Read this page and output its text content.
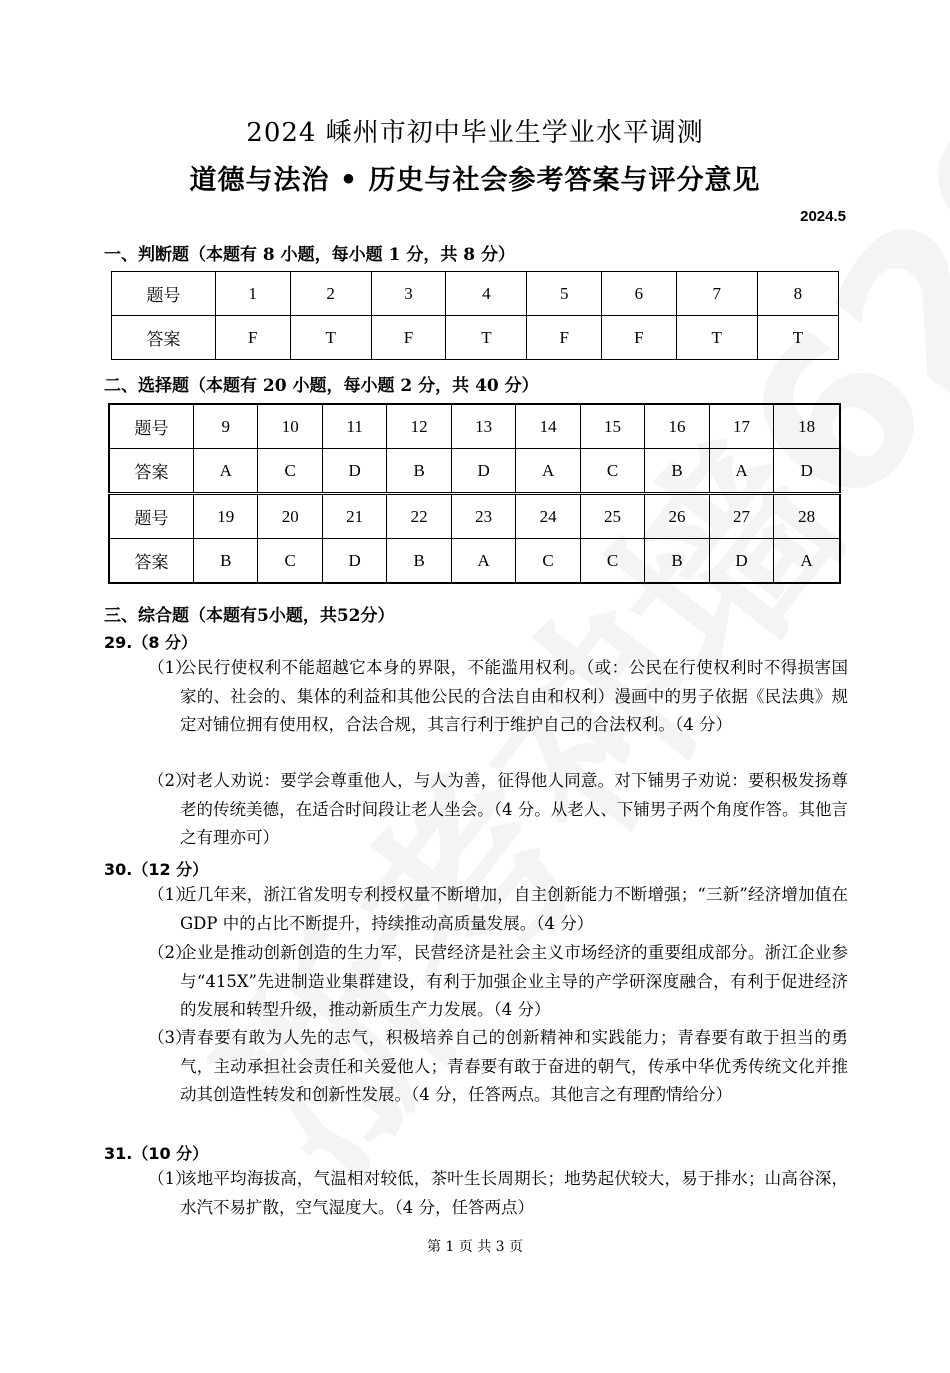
2024 嵊州市初中毕业生学业水平调测
道德与法治 • 历史与社会参考答案与评分意见
2024.5
一、判断题（本题有 8 小题，每小题 1 分，共 8 分）
题号	1	2	3	4	5	6	7	8
答案	F	T	F	T	F	F	T	T
二、选择题（本题有 20 小题，每小题 2 分，共 40 分）
题号	9	10	11	12	13	14	15	16	17	18
答案	A	C	D	B	D	A	C	B	A	D
题号	19	20	21	22	23	24	25	26	27	28
答案	B	C	D	B	A	C	C	B	D	A
三、综合题（本题有5小题，共52分）
29.（8 分）
（1）
公民行使权利不能超越它本身的界限，不能滥用权利。（或：公民在行使权利时不得损害国家的、社会的、集体的利益和其他公民的合法自由和权利）漫画中的男子依据《民法典》规定对铺位拥有使用权，合法合规，其言行利于维护自己的合法权利。（4 分）
（2）
对老人劝说：要学会尊重他人，与人为善，征得他人同意。对下铺男子劝说：要积极发扬尊老的传统美德，在适合时间段让老人坐会。（4 分。从老人、下铺男子两个角度作答。其他言之有理亦可）
30.（12 分）
（1）
近几年来，浙江省发明专利授权量不断增加，自主创新能力不断增强；“三新”经济增加值在 GDP 中的占比不断提升，持续推动高质量发展。（4 分）
（2）
企业是推动创新创造的生力军，民营经济是社会主义市场经济的重要组成部分。浙江企业参与“415X”先进制造业集群建设，有利于加强企业主导的产学研深度融合，有利于促进经济的发展和转型升级，推动新质生产力发展。（4 分）
（3）
青春要有敢为人先的志气，积极培养自己的创新精神和实践能力；青春要有敢于担当的勇气，主动承担社会责任和关爱他人；青春要有敢于奋进的朝气，传承中华优秀传统文化并推动其创造性转发和创新性发展。（4 分，任答两点。其他言之有理酌情给分）
31.（10 分）
（1）
该地平均海拔高，气温相对较低，茶叶生长周期长；地势起伏较大，易于排水；山高谷深，水汽不易扩散，空气湿度大。（4 分，任答两点）
第 1 页 共 3 页
